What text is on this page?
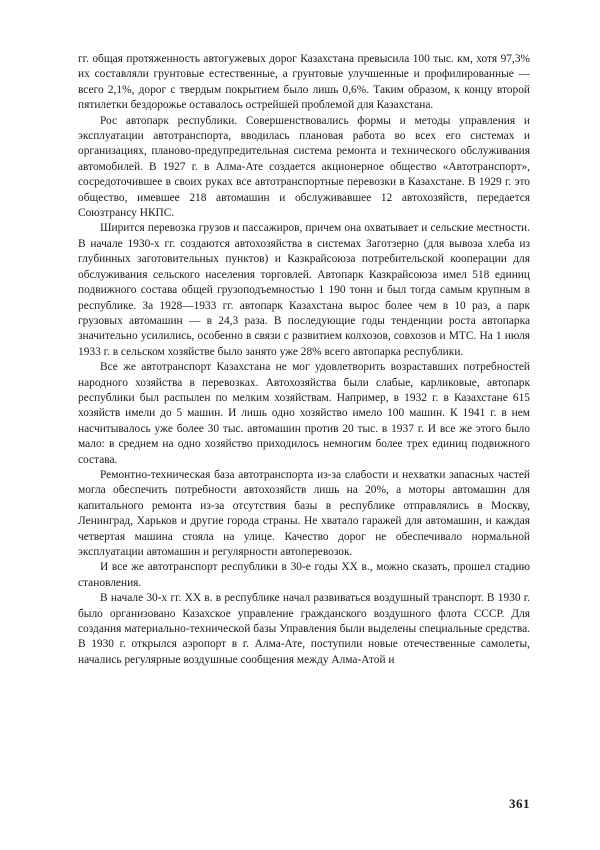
гг. общая протяженность автогужевых дорог Казахстана превысила 100 тыс. км, хотя 97,3% их составляли грунтовые естественные, а грунтовые улучшенные и профилированные — всего 2,1%, дорог с твердым покрытием было лишь 0,6%. Таким образом, к концу второй пятилетки бездорожье оставалось острейшей проблемой для Казахстана.

Рос автопарк республики. Совершенствовались формы и методы управления и эксплуатации автотранспорта, вводилась плановая работа во всех его системах и организациях, планово-предупредительная система ремонта и технического обслуживания автомобилей. В 1927 г. в Алма-Ате создается акционерное общество «Автотранспорт», сосредоточившее в своих руках все автотранспортные перевозки в Казахстане. В 1929 г. это общество, имевшее 218 автомашин и обслуживавшее 12 автохозяйств, передается Союзтрансу НКПС.

Ширится перевозка грузов и пассажиров, причем она охватывает и сельские местности. В начале 1930-х гг. создаются автохозяйства в системах Заготзерно (для вывоза хлеба из глубинных заготовительных пунктов) и Казкрайсоюза потребительской кооперации для обслуживания сельского населения торговлей. Автопарк Казкрайсоюза имел 518 единиц подвижного состава общей грузоподъемностью 1 190 тонн и был тогда самым крупным в республике. За 1928—1933 гг. автопарк Казахстана вырос более чем в 10 раз, а парк грузовых автомашин — в 24,3 раза. В последующие годы тенденции роста автопарка значительно усилились, особенно в связи с развитием колхозов, совхозов и МТС. На 1 июля 1933 г. в сельском хозяйстве было занято уже 28% всего автопарка республики.

Все же автотранспорт Казахстана не мог удовлетворить возраставших потребностей народного хозяйства в перевозках. Автохозяйства были слабые, карликовые, автопарк республики был распылен по мелким хозяйствам. Например, в 1932 г. в Казахстане 615 хозяйств имели до 5 машин. И лишь одно хозяйство имело 100 машин. К 1941 г. в нем насчитывалось уже более 30 тыс. автомашин против 20 тыс. в 1937 г. И все же этого было мало: в среднем на одно хозяйство приходилось немногим более трех единиц подвижного состава.

Ремонтно-техническая база автотранспорта из-за слабости и нехватки запасных частей могла обеспечить потребности автохозяйств лишь на 20%, а моторы автомашин для капитального ремонта из-за отсутствия базы в республике отправлялись в Москву, Ленинград, Харьков и другие города страны. Не хватало гаражей для автомашин, и каждая четвертая машина стояла на улице. Качество дорог не обеспечивало нормальной эксплуатации автомашин и регулярности автоперевозок.

И все же автотранспорт республики в 30-е годы XX в., можно сказать, прошел стадию становления.

В начале 30-х гг. XX в. в республике начал развиваться воздушный транспорт. В 1930 г. было организовано Казахское управление гражданского воздушного флота СССР. Для создания материально-технической базы Управления были выделены специальные средства. В 1930 г. открылся аэропорт в г. Алма-Ате, поступили новые отечественные самолеты, начались регулярные воздушные сообщения между Алма-Атой и

361
